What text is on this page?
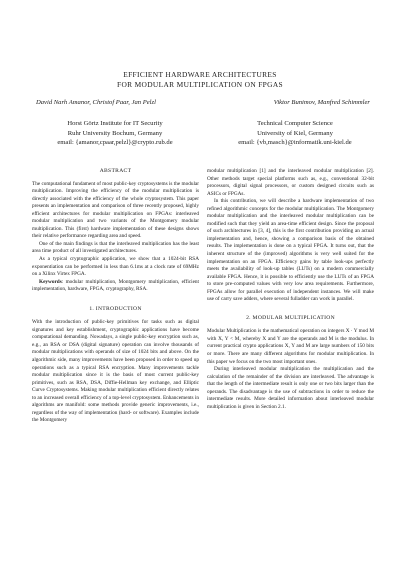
EFFICIENT HARDWARE ARCHITECTURES
FOR MODULAR MULTIPLICATION ON FPGAS
David Narh Amanor, Christof Paar, Jan Pelzl	Viktor Bunimov, Manfred Schimmler
Horst Görtz Institute for IT Security
Ruhr University Bochum, Germany
email: {amanor,cpaar,pelzl}@crypto.rub.de
Technical Computer Science
University of Kiel, Germany
email: {vb,masch}@informatik.uni-kiel.de
ABSTRACT

The computational fundament of most public-key cryptosystems is the modular multiplication. Improving the efficiency of the modular multiplication is directly associated with the efficiency of the whole cryptosystem. This paper presents an implementation and comparison of three recently proposed, highly efficient architectures for modular multiplication on FPGAs: interleaved modular multiplication and two variants of the Montgomery modular multiplication. This (first) hardware implementation of these designs shows their relative performance regarding area and speed.

One of the main findings is that the interleaved multiplication has the least area time product of all investigated architectures.

As a typical cryptographic application, we show that a 1024-bit RSA exponentiation can be performed in less than 6.1ms at a clock rate of 69MHz on a Xilinx Virtex FPGA.

Keywords: modular multiplication, Montgomery multiplication, efficient implementation, hardware, FPGA, cryptography, RSA.

1. INTRODUCTION

With the introduction of public-key primitives for tasks such as digital signatures and key establishment, cryptographic applications have become computational demanding. Nowadays, a single public-key encryption such as, e.g., an RSA or DSA (digital signature) operation can involve thousands of modular multiplications with operands of size of 1024 bits and above. On the algorithmic side, many improvements have been proposed in order to speed up operations such as a typical RSA encryption. Many improvements tackle modular multiplication since it is the basis of most current public-key primitives, such as RSA, DSA, Diffie-Hellman key exchange, and Elliptic Curve Cryptosystems. Making modular multiplication efficient directly relates to an increased overall efficiency of a top-level cryptosystem. Enhancements in algorithms are manifold: some methods provide generic improvements, i.e., regardless of the way of implementation (hard- or software). Examples include the Montgomery

modular multiplication [1] and the interleaved modular multiplication [2]. Other methods target special platforms such as, e.g., conventional 32-bit processors, digital signal processors, or custom designed circuits such as ASICs or FPGAs.

In this contribution, we will describe a hardware implementation of two refined algorithmic concepts for the modular multiplication. The Montgomery modular multiplication and the interleaved modular multiplication can be modified such that they yield an area-time efficient design. Since the proposal of such architectures in [3, 4], this is the first contribution providing an actual implementation and, hence, showing a comparison basis of the obtained results. The implementation is done on a typical FPGA. It turns out, that the inherent structure of the (improved) algorithms is very well suited for the implementation on an FPGA. Efficiency gains by table look-ups perfectly meets the availability of look-up tables (LUTs) on a modern commercially available FPGA. Hence, it is possible to efficiently use the LUTs of an FPGA to store pre-computed values with very low area requirements. Furthermore, FPGAs allow for parallel execution of independent instances. We will make use of carry save adders, where several fulladder can work in parallel.

2. MODULAR MULTIPLICATION

Modular Multiplication is the mathematical operation on integers X · Y mod M with X, Y < M, whereby X and Y are the operands and M is the modulus. In current practical crypto applications X, Y and M are large numbers of 150 bits or more. There are many different algorithms for modular multiplication. In this paper we focus on the two most important ones.

During interleaved modular multiplication the multiplication and the calculation of the remainder of the division are interleaved. The advantage is that the length of the intermediate result is only one or two bits larger than the operands. The disadvantage is the use of subtractions in order to reduce the intermediate results. More detailed information about interleaved modular multiplication is given in Section 2.1.
